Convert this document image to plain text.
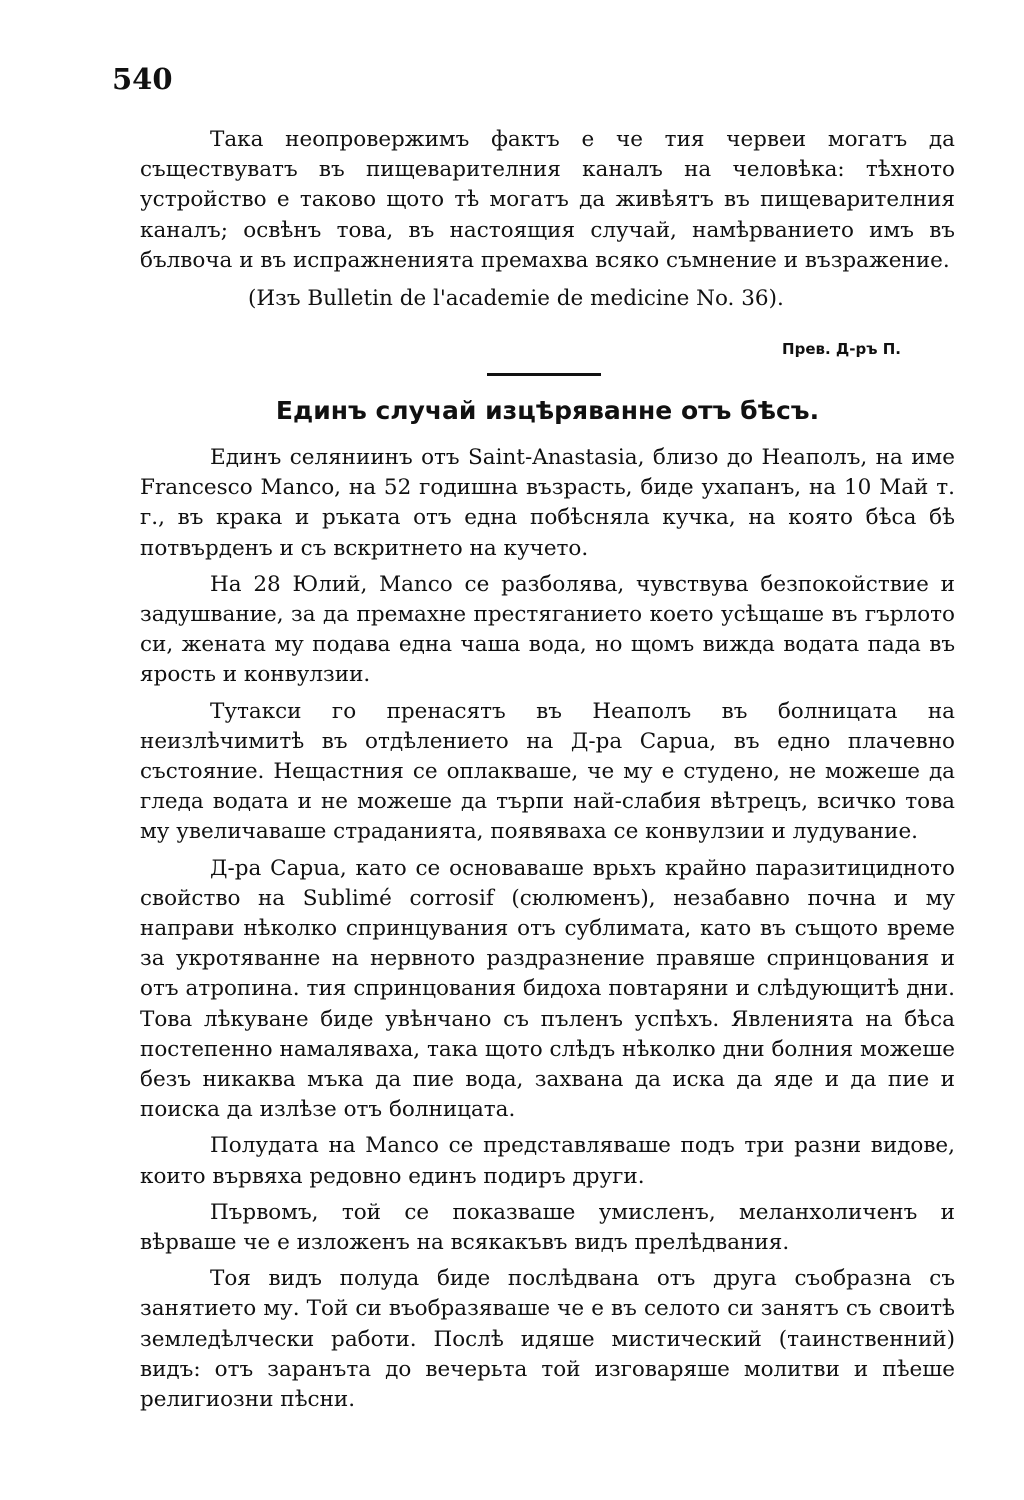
540

Така неопровержимъ фактъ е че тия червеи могатъ да съществуватъ въ пищеварителния каналъ на человѣка: тѣхното устройство е таково щото тѣ могатъ да живѣятъ въ пищеварителния каналъ; освѣнъ това, въ настоящия случай, намѣрванието имъ въ бълвоча и въ испражненията премахва всяко съмнение и възражение.

(Изъ Bulletin de l'academie de medicine No. 36).
Прев. Д-ръ П.
Единъ случай изцѣряванне отъ бѣсъ.

Единъ селяниинъ отъ Saint-Anastasia, близо до Неаполъ, на име Francesco Manco, на 52 годишна възрасть, биде ухапанъ, на 10 Май т. г., въ крака и ръката отъ една побѣсняла кучка, на която бѣса бѣ потвърденъ и съ вскритнето на кучето.

На 28 Юлий, Manco се разболява, чувствува безпокойствие и задушвание, за да премахне престяганието което усѣщаше въ гърлото си, жената му подава една чаша вода, но щомъ вижда водата пада въ ярость и конвулзии.

Тутакси го пренасятъ въ Неаполъ въ болницата на неизлѣчимитѣ въ отдѣлението на Д-ра Capua, въ едно плачевно състояние. Нещастния се оплакваше, че му е студено, не можеше да гледа водата и не можеше да търпи най-слабия вѣтрецъ, всичко това му увеличаваше страданията, появяваха се конвулзии и лудувание.

Д-ра Capua, като се основаваше врьхъ крайно паразитицидното свойство на Sublimé corrosif (сюлюменъ), незабавно почна и му направи нѣколко спринцувания отъ сублимата, като въ същото време за укротяванне на нервното раздразнение правяше спринцования и отъ атропина. тия спринцования бидоха повтаряни и слѣдующитѣ дни. Това лѣкуване биде увѣнчано съ пъленъ успѣхъ. Явленията на бѣса постепенно намаляваха, така щото слѣдъ нѣколко дни болния можеше безъ никаква мъка да пие вода, захвана да иска да яде и да пие и поиска да излѣзе отъ болницата.

Полудата на Manco се представляваше подъ три разни видове, които вървяха редовно единъ подиръ други.

Първомъ, той се показваше умисленъ, меланхоличенъ и вѣрваше че е изложенъ на всякакъвъ видъ прелѣдвания.

Тоя видъ полуда биде послѣдвана отъ друга съобразна съ занятието му. Той си въобразяваше че е въ селото си занятъ съ своитѣ землeдѣлчески работи. Послѣ идяше мистический (таинственний) видъ: отъ заранъта до вечерьта той изговаряше молитви и пѣеше религиозни пѣсни.
